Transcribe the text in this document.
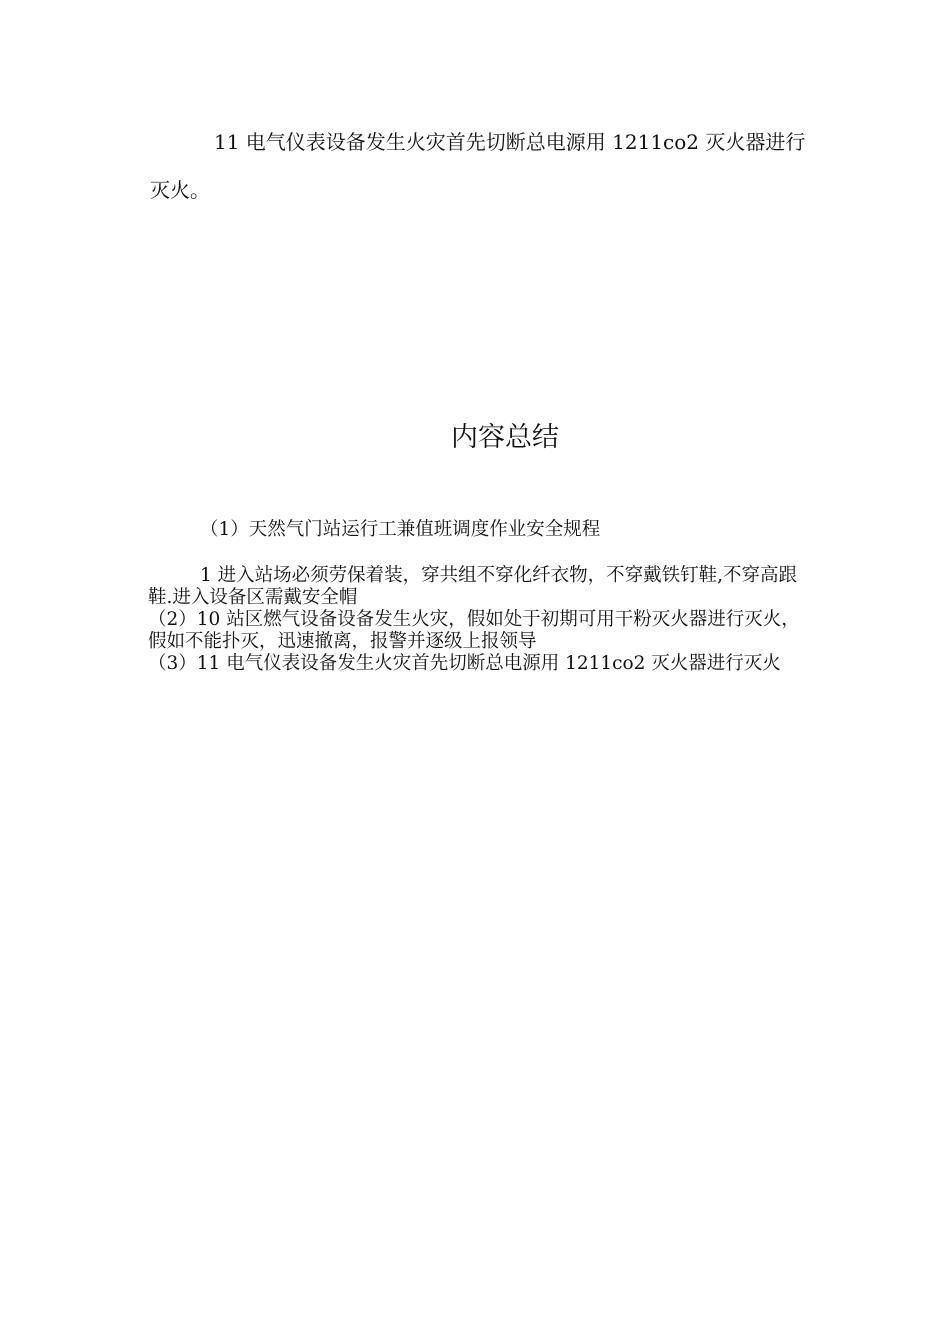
11 电气仪表设备发生火灾首先切断总电源用 1211co2 灭火器进行灭火。

内容总结

（1）天然气门站运行工兼值班调度作业安全规程

1 进入站场必须劳保着装，穿共组不穿化纤衣物，不穿戴铁钉鞋,不穿高跟鞋.进入设备区需戴安全帽

（2）10 站区燃气设备设备发生火灾，假如处于初期可用干粉灭火器进行灭火，假如不能扑灭，迅速撤离，报警并逐级上报领导

（3）11 电气仪表设备发生火灾首先切断总电源用 1211co2 灭火器进行灭火
